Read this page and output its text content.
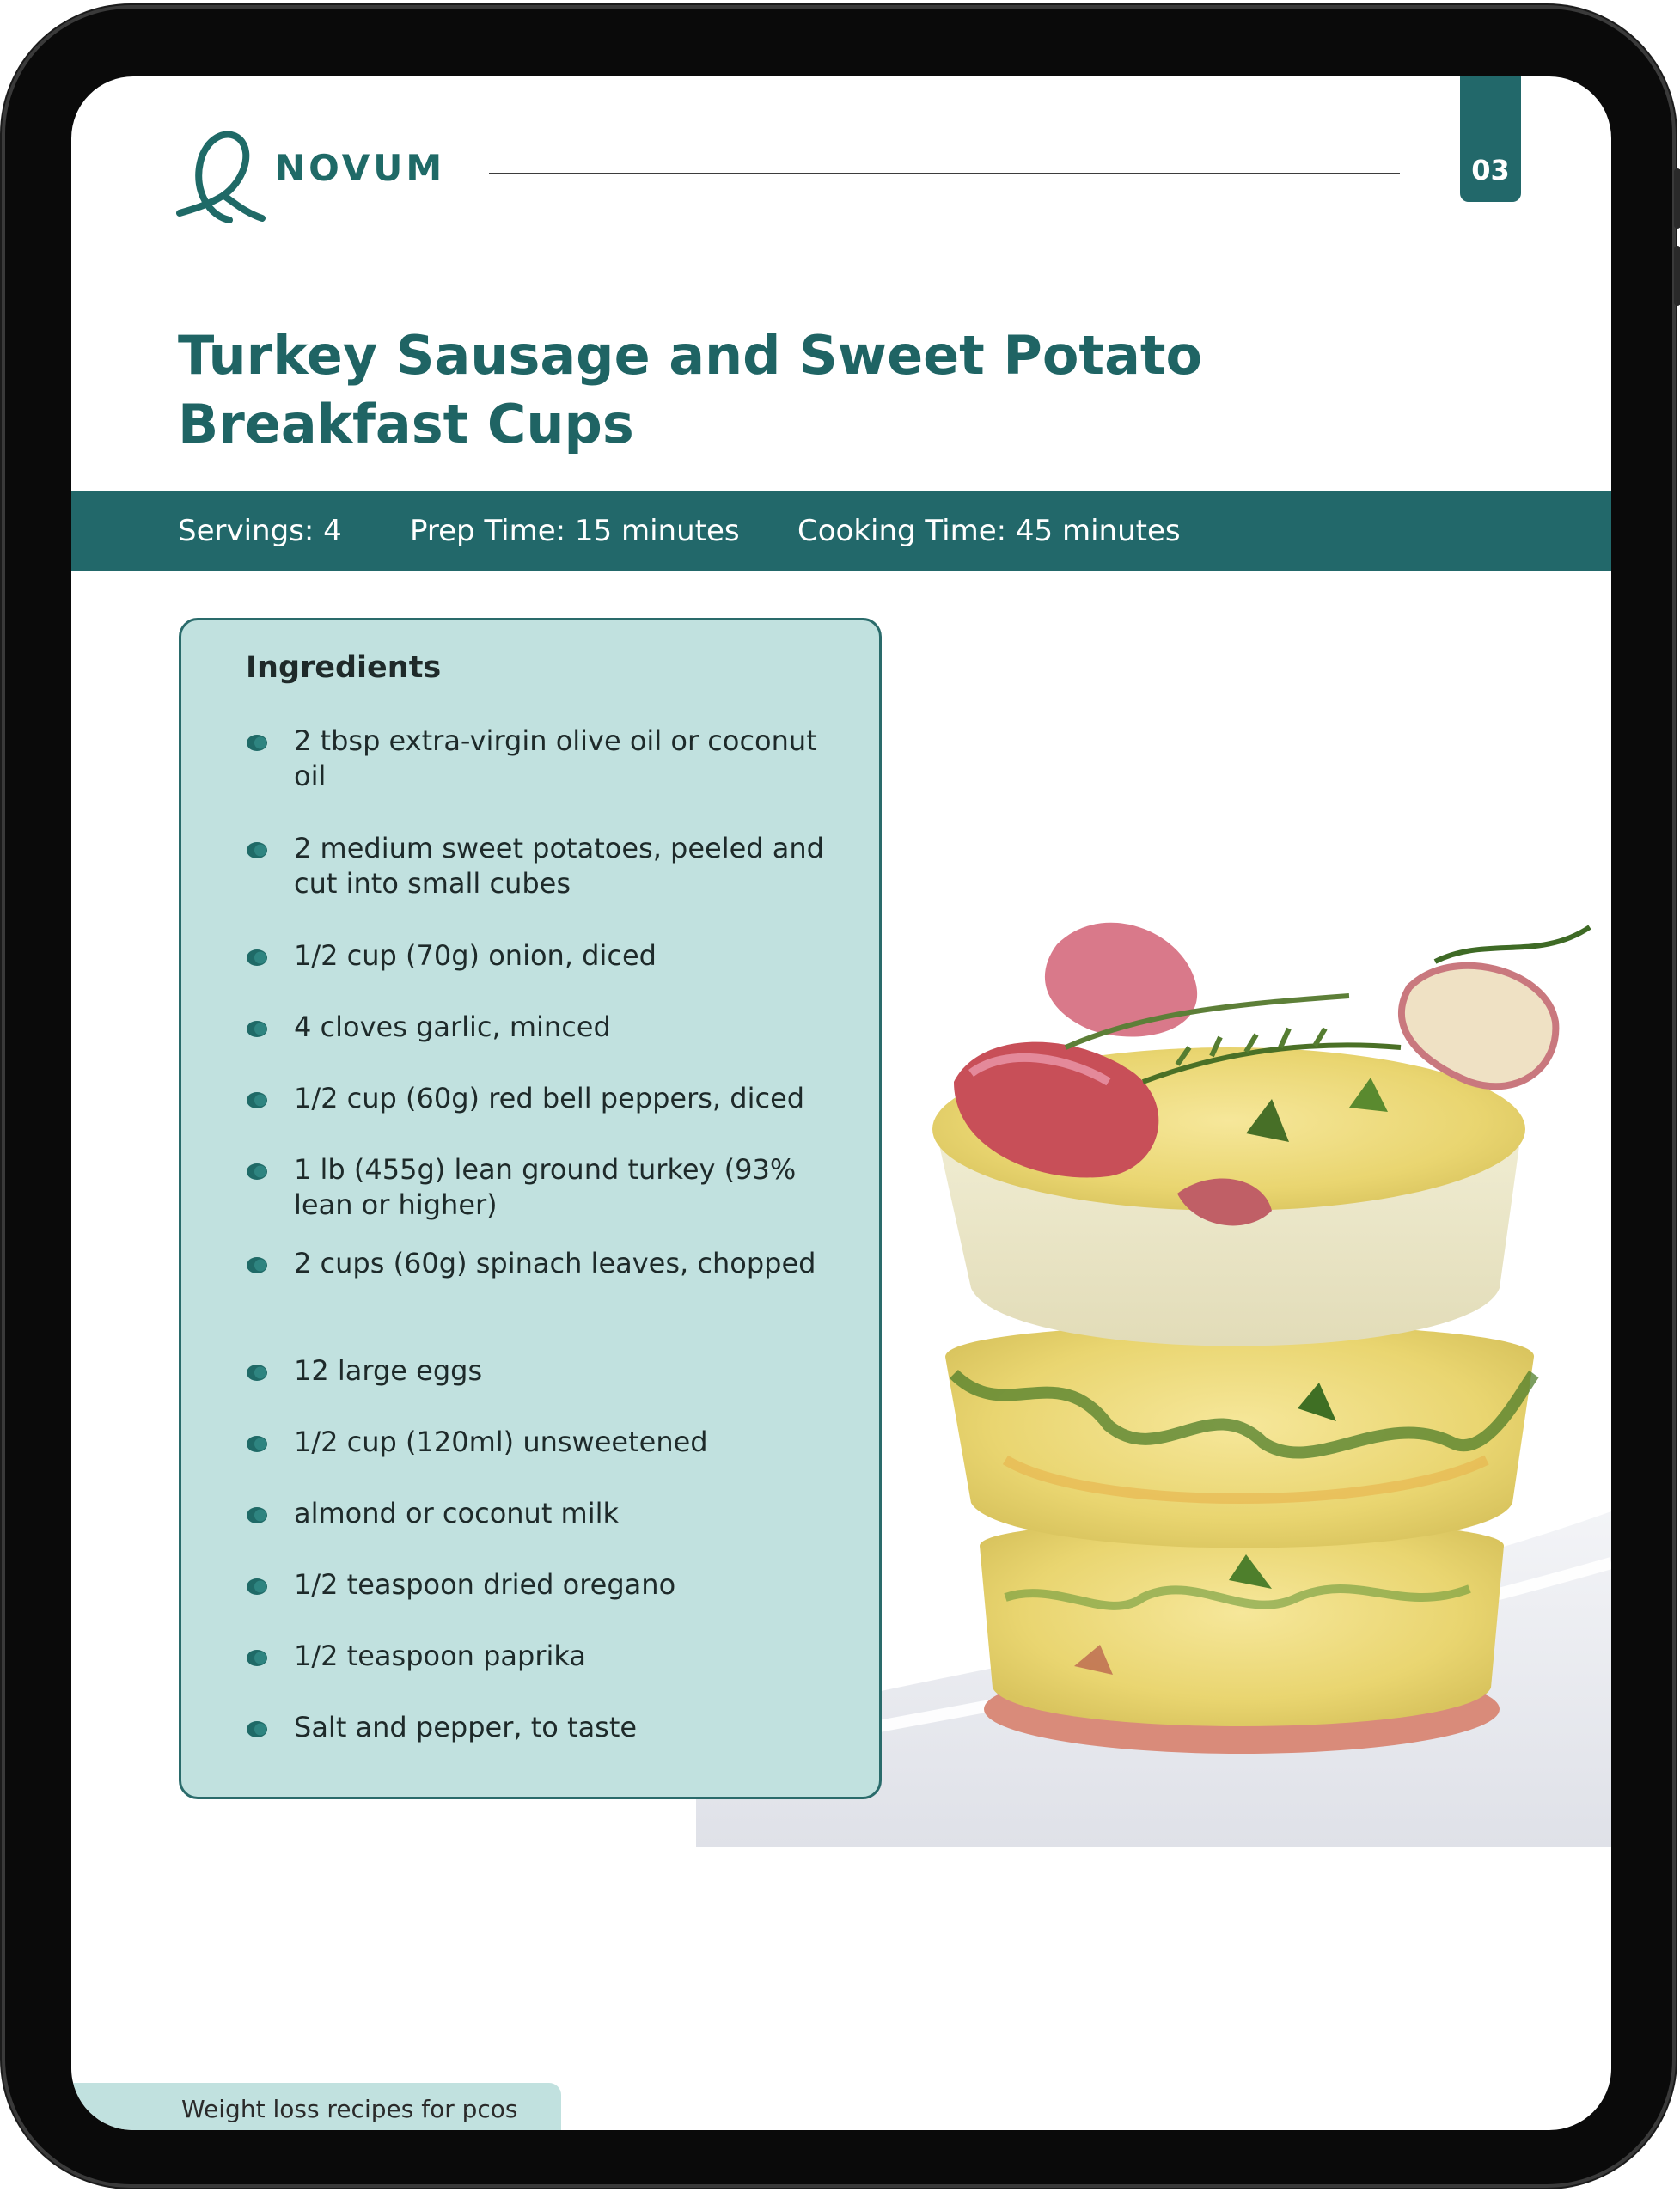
NOVUM	03
Turkey Sausage and Sweet Potato
Breakfast Cups
Servings: 4 Prep Time: 15 minutes Cooking Time: 45 minutes
Ingredients
2 tbsp extra-virgin olive oil or coconut oil
2 medium sweet potatoes, peeled and cut into small cubes
1/2 cup (70g) onion, diced
4 cloves garlic, minced
1/2 cup (60g) red bell peppers, diced
1 lb (455g) lean ground turkey (93% lean or higher)
2 cups (60g) spinach leaves, chopped
12 large eggs
1/2 cup (120ml) unsweetened
almond or coconut milk
1/2 teaspoon dried oregano
1/2 teaspoon paprika
Salt and pepper, to taste
Weight loss recipes for pcos
